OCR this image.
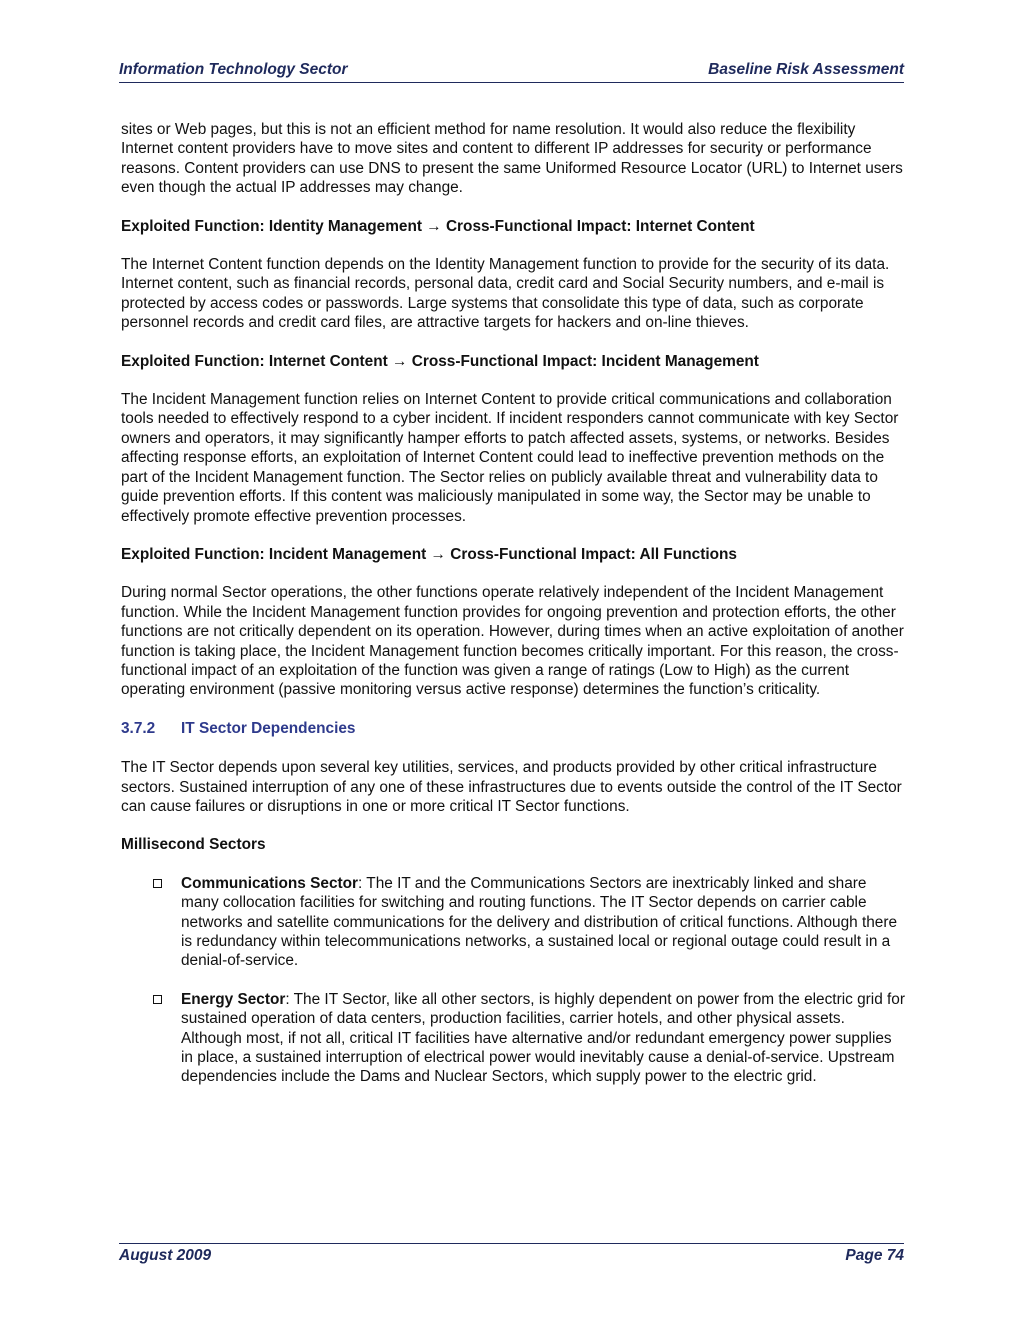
Information Technology Sector	Baseline Risk Assessment

sites or Web pages, but this is not an efficient method for name resolution. It would also reduce the flexibility Internet content providers have to move sites and content to different IP addresses for security or performance reasons. Content providers can use DNS to present the same Uniformed Resource Locator (URL) to Internet users even though the actual IP addresses may change.

Exploited Function: Identity Management → Cross-Functional Impact: Internet Content

The Internet Content function depends on the Identity Management function to provide for the security of its data. Internet content, such as financial records, personal data, credit card and Social Security numbers, and e-mail is protected by access codes or passwords. Large systems that consolidate this type of data, such as corporate personnel records and credit card files, are attractive targets for hackers and on-line thieves.

Exploited Function: Internet Content → Cross-Functional Impact: Incident Management

The Incident Management function relies on Internet Content to provide critical communications and collaboration tools needed to effectively respond to a cyber incident. If incident responders cannot communicate with key Sector owners and operators, it may significantly hamper efforts to patch affected assets, systems, or networks. Besides affecting response efforts, an exploitation of Internet Content could lead to ineffective prevention methods on the part of the Incident Management function. The Sector relies on publicly available threat and vulnerability data to guide prevention efforts. If this content was maliciously manipulated in some way, the Sector may be unable to effectively promote effective prevention processes.

Exploited Function: Incident Management → Cross-Functional Impact: All Functions

During normal Sector operations, the other functions operate relatively independent of the Incident Management function. While the Incident Management function provides for ongoing prevention and protection efforts, the other functions are not critically dependent on its operation. However, during times when an active exploitation of another function is taking place, the Incident Management function becomes critically important. For this reason, the cross-functional impact of an exploitation of the function was given a range of ratings (Low to High) as the current operating environment (passive monitoring versus active response) determines the function’s criticality.

3.7.2 IT Sector Dependencies

The IT Sector depends upon several key utilities, services, and products provided by other critical infrastructure sectors. Sustained interruption of any one of these infrastructures due to events outside the control of the IT Sector can cause failures or disruptions in one or more critical IT Sector functions.

Millisecond Sectors
Communications Sector: The IT and the Communications Sectors are inextricably linked and share many collocation facilities for switching and routing functions. The IT Sector depends on carrier cable networks and satellite communications for the delivery and distribution of critical functions. Although there is redundancy within telecommunications networks, a sustained local or regional outage could result in a denial-of-service.
Energy Sector: The IT Sector, like all other sectors, is highly dependent on power from the electric grid for sustained operation of data centers, production facilities, carrier hotels, and other physical assets. Although most, if not all, critical IT facilities have alternative and/or redundant emergency power supplies in place, a sustained interruption of electrical power would inevitably cause a denial-of-service. Upstream dependencies include the Dams and Nuclear Sectors, which supply power to the electric grid.
August 2009	Page 74
